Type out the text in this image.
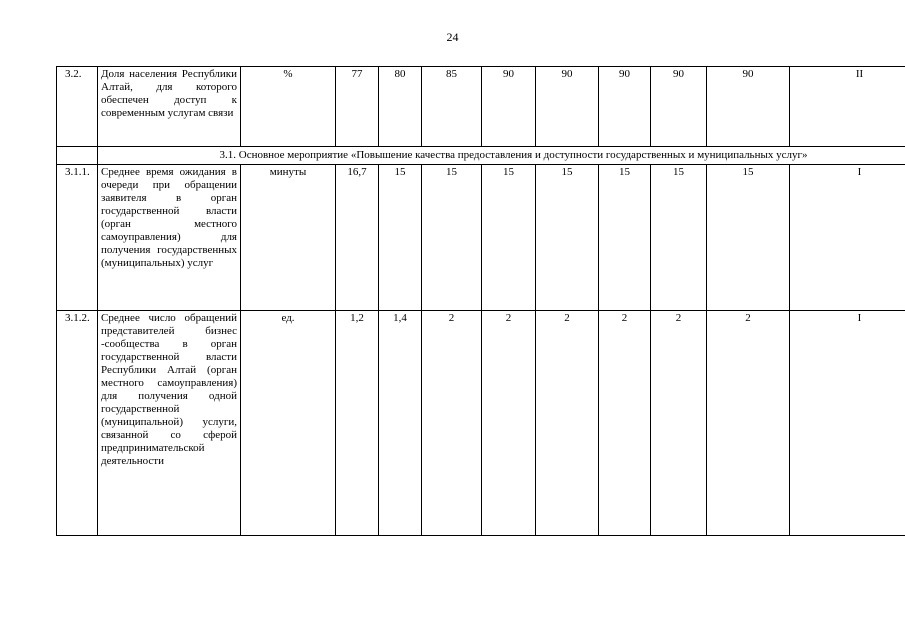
24
3.2.	Доля населения Республики Алтай, для которого обеспечен доступ к современным услугам связи	%	77	80	85	90	90	90	90	90	II
	3.1. Основное мероприятие «Повышение качества предоставления и доступности государственных и муниципальных услуг»										
3.1.1.	Среднее время ожидания в очереди при обращении заявителя в орган государственной власти (орган местного самоуправления) для получения государственных (муниципальных) услуг	минуты	16,7	15	15	15	15	15	15	15	I
3.1.2.	Среднее число обращений представителей бизнес -сообщества в орган государственной власти Республики Алтай (орган местного самоуправления) для получения одной государственной (муниципальной) услуги, связанной со сферой предпринимательской деятельности	ед.	1,2	1,4	2	2	2	2	2	2	I
